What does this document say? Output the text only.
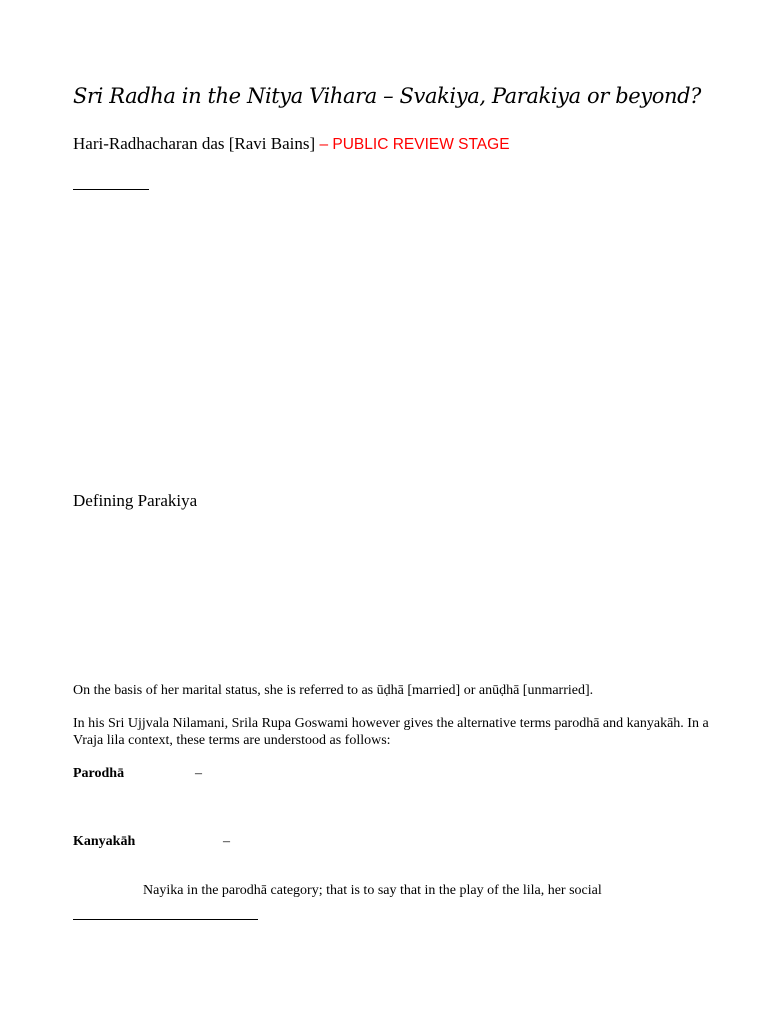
Sri Radha in the Nitya Vihara – Svakiya, Parakiya or beyond?

Hari-Radhacharan das [Ravi Bains] – PUBLIC REVIEW STAGE

Defining Parakiya

On the basis of her marital status, she is referred to as ūḍhā [married] or anūḍhā [unmarried].

In his Sri Ujjvala Nilamani, Srila Rupa Goswami however gives the alternative terms parodhā and kanyakāh. In a Vraja lila context, these terms are understood as follows:

Parodhā	–
Kanyakāh	–

Nayika in the parodhā category; that is to say that in the play of the lila, her social
